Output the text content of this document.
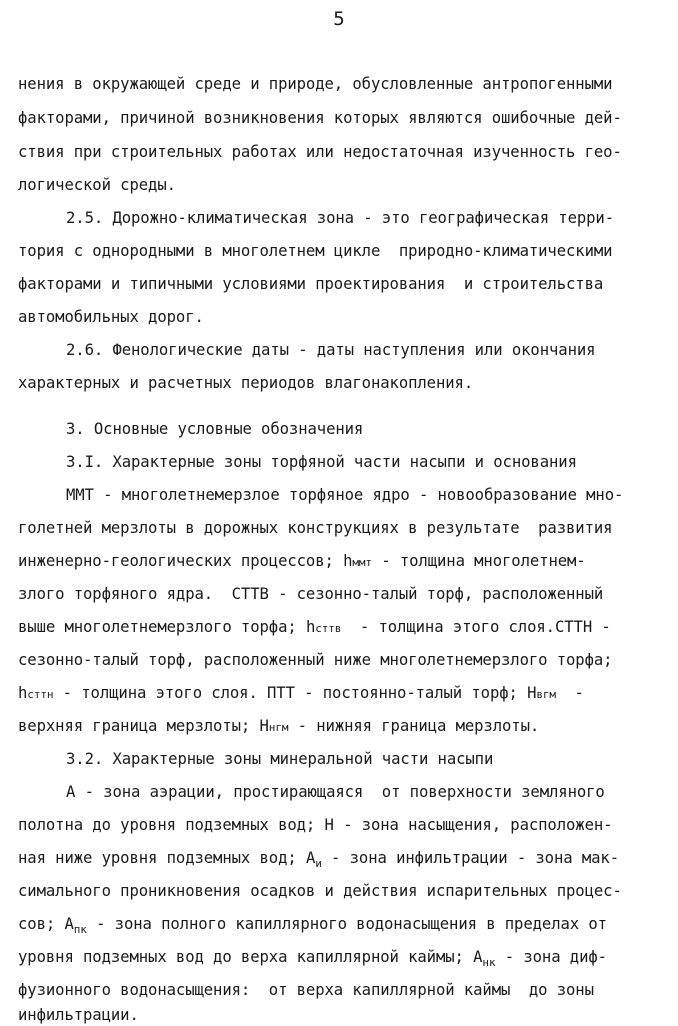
5
нения в окружающей среде и природе, обусловленные антропогенными
факторами, причиной возникновения которых являются ошибочные дей-
ствия при строительных работах или недостаточная изученность гео-
логической среды.
2.5. Дорожно-климатическая зона - это географическая терри-
тория с однородными в многолетнем цикле  природно-климатическими
факторами и типичными условиями проектирования  и строительства
автомобильных дорог.
2.6. Фенологические даты - даты наступления или окончания
характерных и расчетных периодов влагонакопления.
3. Основные условные обозначения
3.I. Характерные зоны торфяной части насыпи и основания
ММТ - многолетнемерзлое торфяное ядро - новообразование мно-
голетней мерзлоты в дорожных конструкциях в результате  развития
инженерно-геологических процессов; hммт - толщина многолетнем-
злого торфяного ядра.  СТТВ - сезонно-талый торф, расположенный
выше многолетнемерзлого торфа; hсттв  - толщина этого слоя.СТТН -
сезонно-талый торф, расположенный ниже многолетнемерзлого торфа;
hсттн - толщина этого слоя. ПТТ - постоянно-талый торф; Нвгм  -
верхняя граница мерзлоты; Ннгм - нижняя граница мерзлоты.
3.2. Характерные зоны минеральной части насыпи
А - зона аэрации, простирающаяся  от поверхности земляного
полотна до уровня подземных вод; Н - зона насыщения, расположен-
ная ниже уровня подземных вод; $А_и$ - зона инфильтрации - зона мак-
симального проникновения осадков и действия испарительных процес-
сов; $А_{пк}$ - зона полного капиллярного водонасыщения в пределах от
уровня подземных вод до верха капиллярной каймы; $А_{нк}$ - зона диф-
фузионного водонасыщения:  от верха капиллярной каймы  до зоны
инфильтрации.
